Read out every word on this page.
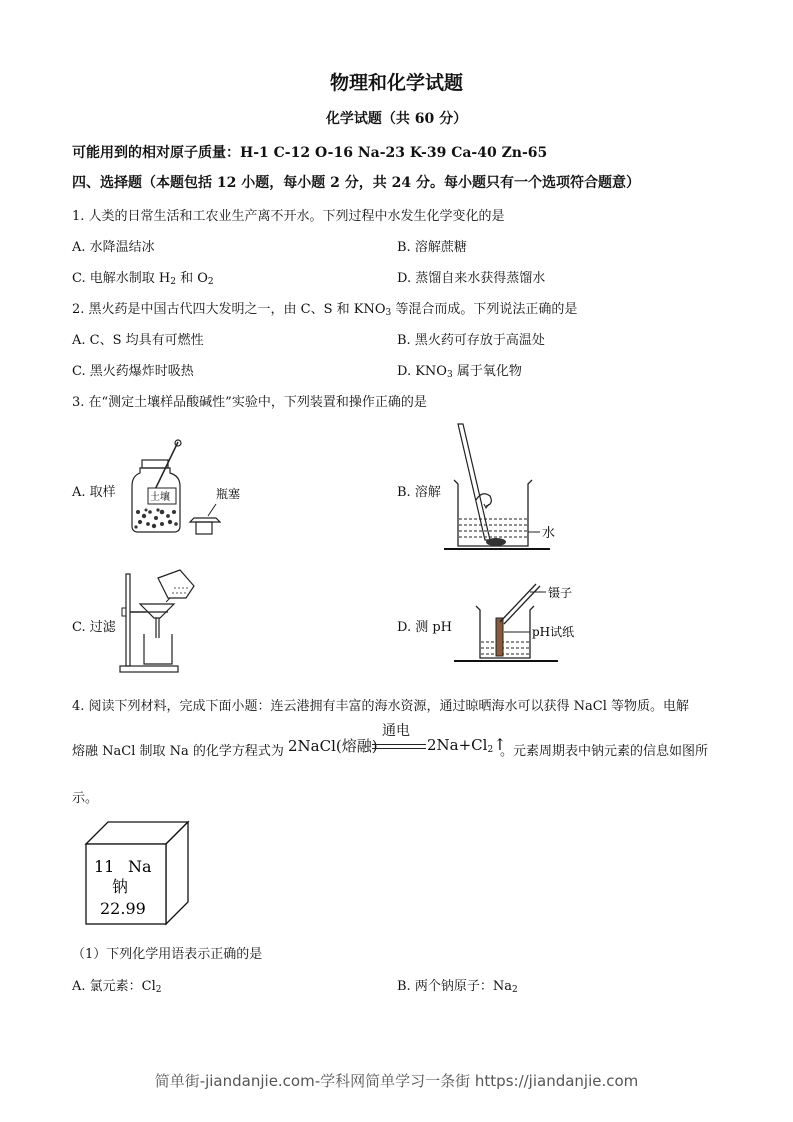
物理和化学试题
化学试题（共 60 分）
可能用到的相对原子质量：H-1 C-12 O-16 Na-23 K-39 Ca-40 Zn-65
四、选择题（本题包括 12 小题，每小题 2 分，共 24 分。每小题只有一个选项符合题意）
1. 人类的日常生活和工农业生产离不开水。下列过程中水发生化学变化的是
A. 水降温结冰	B. 溶解蔗糖
C. 电解水制取 $H_2$ 和 $O_2$	D. 蒸馏自来水获得蒸馏水
2. 黑火药是中国古代四大发明之一，由 C、S 和 $KNO_3$ 等混合而成。下列说法正确的是
A. C、S 均具有可燃性	B. 黑火药可存放于高温处
C. 黑火药爆炸时吸热	D. $KNO_3$ 属于氧化物
3. 在“测定土壤样品酸碱性”实验中，下列装置和操作正确的是
A. 取样	B. 溶解
C. 过滤	D. 测 pH
土壤	瓶塞
水
镊子
pH试纸
4. 阅读下列材料，完成下面小题：连云港拥有丰富的海水资源，通过晾晒海水可以获得 NaCl 等物质。电解
熔融 NaCl 制取 Na 的化学方程式为 2NaCl(熔融)
通电
$2Na+Cl_2↑$
。元素周期表中钠元素的信息如图所
示。
11 Na
钠
22.99
（1）下列化学用语表示正确的是
A. 氯元素：$Cl_2$	B. 两个钠原子：$Na_2$
简单街-jiandanjie.com-学科网简单学习一条街 https://jiandanjie.com
